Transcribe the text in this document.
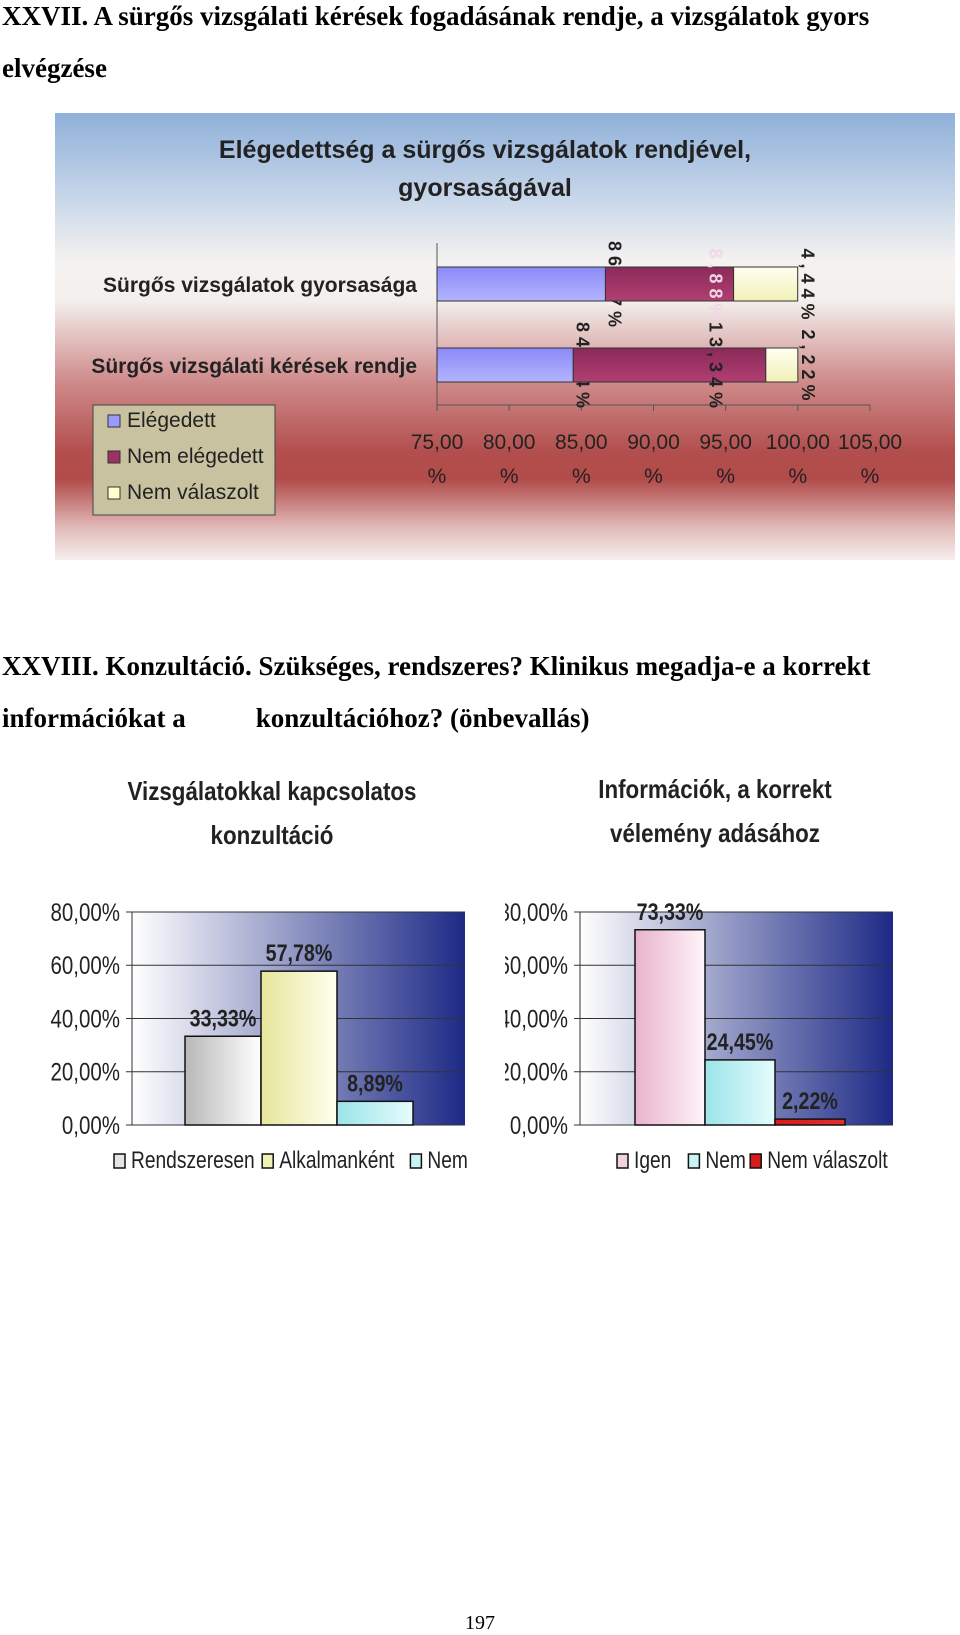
XXVII. A sürgős vizsgálati kérések fogadásának rendje, a vizsgálatok gyors elvégzése
Elégedettség a sürgős vizsgálatok rendjével,
gyorsaságával
75,00
%
80,00
%
85,00
%
90,00
%
95,00
%
100,00
%
105,00
%
Sürgős vizsgálatok gyorsasága	8 , 8 8 %	4 , 4 4 %
Sürgős vizsgálati kérések rendje	1 3 , 3 4 %	2 , 2 2 %
Elégedett
Nem elégedett
Nem válaszolt
XXVIII. Konzultáció. Szükséges, rendszeres? Klinikus megadja-e a korrekt információkat a	konzultációhoz? (önbevallás)
Vizsgálatokkal kapcsolatos
konzultáció
0,00%
20,00%
40,00%
60,00%
80,00%
33,33%
57,78%
8,89%
Rendszeresen Alkalmanként Nem
Információk, a korrekt
vélemény adásához
0,00%
20,00%
40,00%
60,00%
80,00%	73,33%
24,45%
2,22%
Igen Nem Nem válaszolt
197
